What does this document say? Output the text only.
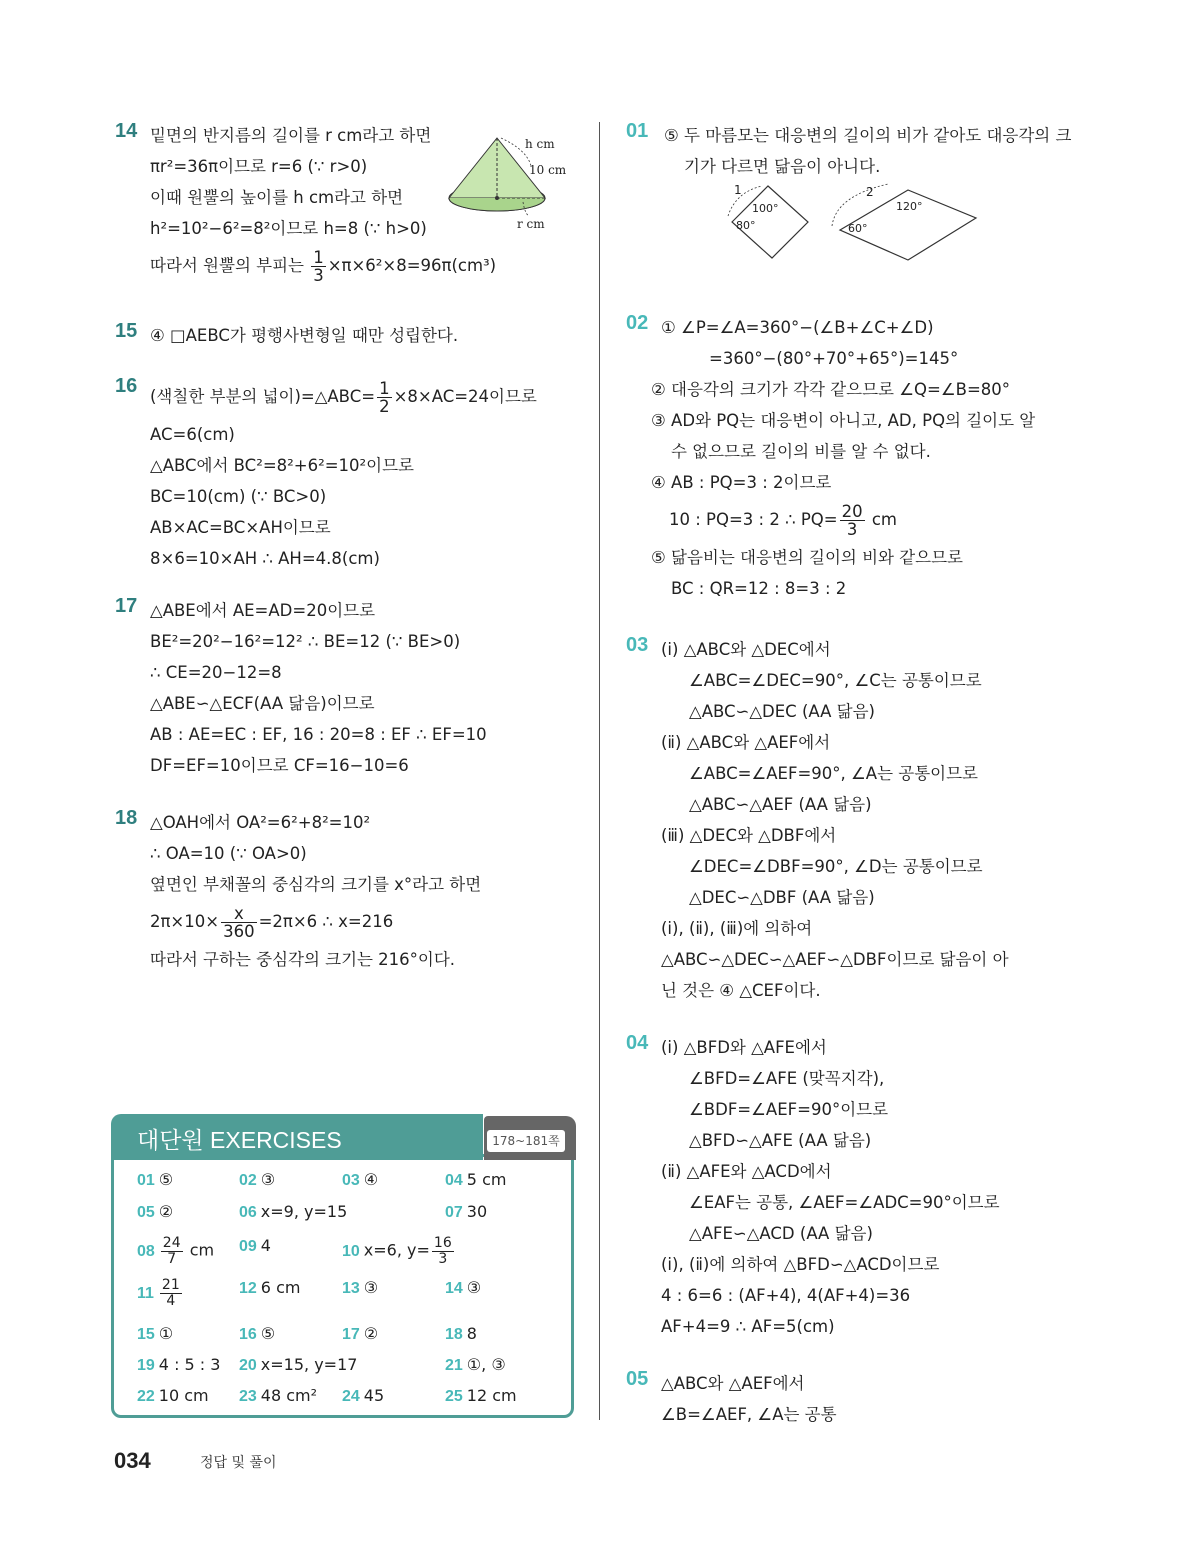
14 밑면의 반지름의 길이를 r cm라고 하면
πr²=36π이므로 r=6 (∵ r>0)
이때 원뿔의 높이를 h cm라고 하면
h²=10²−6²=8²이므로 h=8 (∵ h>0)
따라서 원뿔의 부피는 $\frac{1}{3} \times\pi\times 6^2\times 8=96\pi(cm^3)$
h cm
10 cm
r cm
15 ④ □AEBC가 평행사변형일 때만 성립한다.
16 (색칠한 부분의 넓이)=△ABC= $\frac{1}{2} \times 8\times AC=24$이므로
AC=6(cm)
△ABC에서 BC²=8²+6²=10²이므로
BC=10(cm) (∵ BC>0)
AB×AC=BC×AH이므로
8×6=10×AH ∴ AH=4.8(cm)
17 △ABE에서 AE=AD=20이므로
BE²=20²−16²=12² ∴ BE=12 (∵ BE>0)
∴ CE=20−12=8
△ABE∽△ECF(AA 닮음)이므로
AB : AE=EC : EF, 16 : 20=8 : EF ∴ EF=10
DF=EF=10이므로 CF=16−10=6
18 △OAH에서 OA²=6²+8²=10²
∴ OA=10 (∵ OA>0)
옆면인 부채꼴의 중심각의 크기를 x°라고 하면
$2\pi\times 10\times \frac{x}{360} =2\pi\times 6$ ∴ x=216
따라서 구하는 중심각의 크기는 216°이다.
대단원 EXERCISES	178~181쪽
01 ⑤	02 ③	03 ④	04 5 cm
05 ②	06 x=9, y=15	07 30
$08 \frac{24}{7}$ cm 09 4	10 x=6, $y= \frac{16}{3}$
$11 \frac{21}{4}$	12 6 cm	13 ③	14 ③
15 ①	16 ⑤	17 ②	18 8
19 4 : 5 : 3 20 x=15, y=17	21 ①, ③
22 10 cm 23 48 cm² 24 45	25 12 cm
01 ⑤ 두 마름모는 대응변의 길이의 비가 같아도 대응각의 크
기가 다르면 닮음이 아니다.
1
100°
80°
2
120°
60°
02 ① ∠P=∠A=360°−(∠B+∠C+∠D)
=360°−(80°+70°+65°)=145°
② 대응각의 크기가 각각 같으므로 ∠Q=∠B=80°
③ AD와 PQ는 대응변이 아니고, AD, PQ의 길이도 알
수 없으므로 길이의 비를 알 수 없다.
④ AB : PQ=3 : 2이므로
10 : PQ=3 : 2 ∴ $PQ= \frac{20}{3}$ cm
⑤ 닮음비는 대응변의 길이의 비와 같으므로
BC : QR=12 : 8=3 : 2
03 (ⅰ) △ABC와 △DEC에서
∠ABC=∠DEC=90°, ∠C는 공통이므로
△ABC∽△DEC (AA 닮음)
(ⅱ) △ABC와 △AEF에서
∠ABC=∠AEF=90°, ∠A는 공통이므로
△ABC∽△AEF (AA 닮음)
(ⅲ) △DEC와 △DBF에서
∠DEC=∠DBF=90°, ∠D는 공통이므로
△DEC∽△DBF (AA 닮음)
(ⅰ), (ⅱ), (ⅲ)에 의하여
△ABC∽△DEC∽△AEF∽△DBF이므로 닮음이 아
닌 것은 ④ △CEF이다.
04 (ⅰ) △BFD와 △AFE에서
∠BFD=∠AFE (맞꼭지각),
∠BDF=∠AEF=90°이므로
△BFD∽△AFE (AA 닮음)
(ⅱ) △AFE와 △ACD에서
∠EAF는 공통, ∠AEF=∠ADC=90°이므로
△AFE∽△ACD (AA 닮음)
(ⅰ), (ⅱ)에 의하여 △BFD∽△ACD이므로
4 : 6=6 : (AF+4), 4(AF+4)=36
AF+4=9 ∴ AF=5(cm)
05 △ABC와 △AEF에서
∠B=∠AEF, ∠A는 공통
034	정답 및 풀이
